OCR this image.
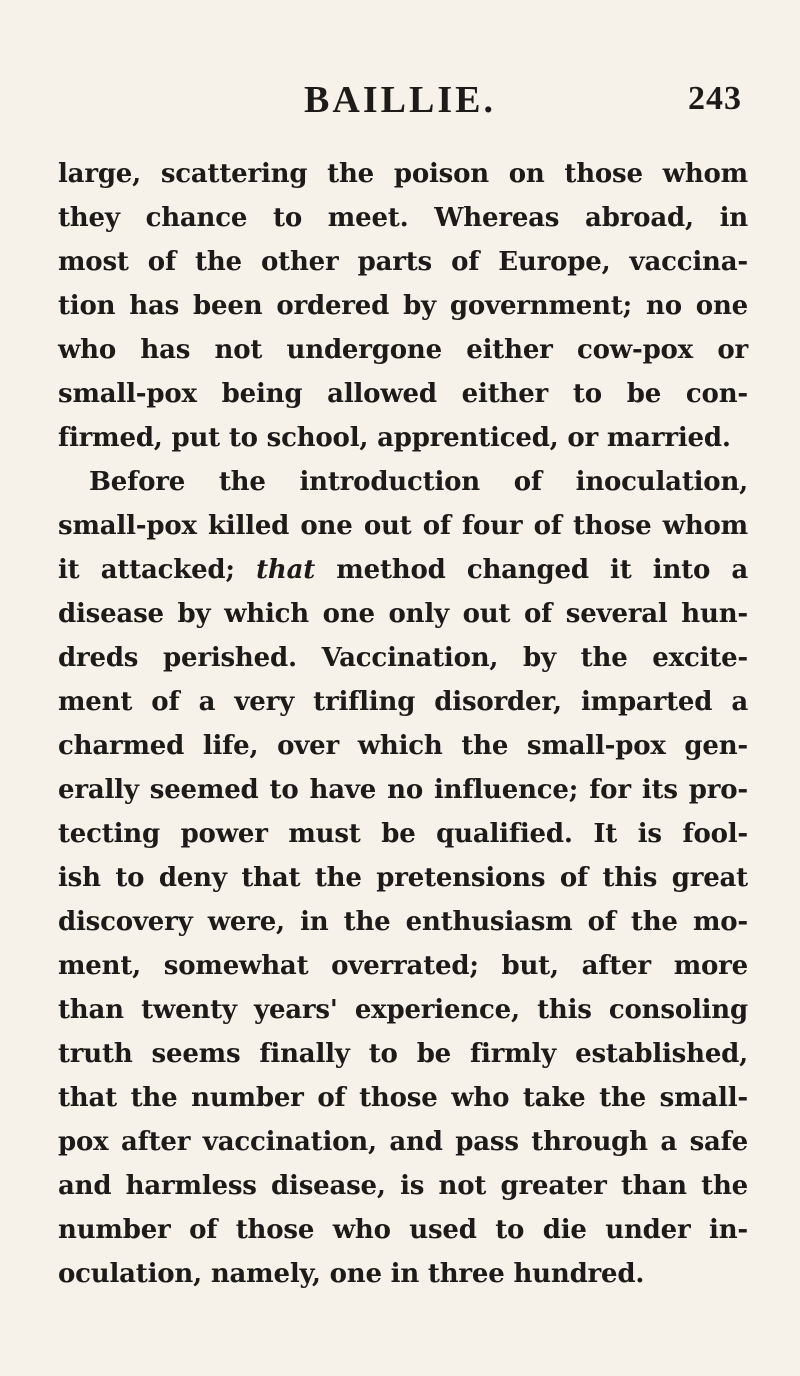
BAILLIE.	243
large, scattering the poison on those whom
they chance to meet. Whereas abroad, in
most of the other parts of Europe, vaccina-
tion has been ordered by government; no one
who has not undergone either cow-pox or
small-pox being allowed either to be con-
firmed, put to school, apprenticed, or married.
Before the introduction of inoculation,
small-pox killed one out of four of those whom
it attacked; that method changed it into a
disease by which one only out of several hun-
dreds perished. Vaccination, by the excite-
ment of a very trifling disorder, imparted a
charmed life, over which the small-pox gen-
erally seemed to have no influence; for its pro-
tecting power must be qualified. It is fool-
ish to deny that the pretensions of this great
discovery were, in the enthusiasm of the mo-
ment, somewhat overrated; but, after more
than twenty years' experience, this consoling
truth seems finally to be firmly established,
that the number of those who take the small-
pox after vaccination, and pass through a safe
and harmless disease, is not greater than the
number of those who used to die under in-
oculation, namely, one in three hundred.
